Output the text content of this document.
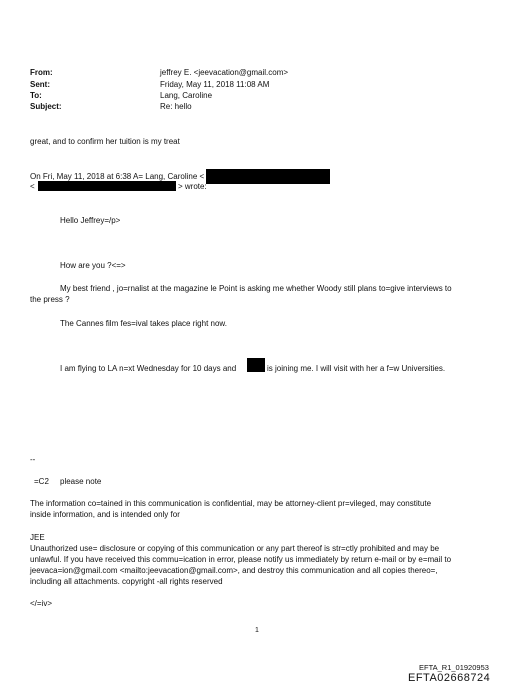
From:	jeffrey E. <jeevacation@gmail.com>
Sent:	Friday, May 11, 2018 11:08 AM
To:	Lang, Caroline
Subject:	Re: hello
great, and to confirm her tuition is my treat
On Fri, May 11, 2018 at 6:38 A= Lang, Caroline <
<	> wrote:
Hello Jeffrey=/p>
How are you ?<=>
My best friend , jo=rnalist at the magazine le Point is asking me whether Woody still plans to=give interviews to
the press ?
The Cannes film fes=ival takes place right now.
I am flying to LA n=xt Wednesday for 10 days and	is joining me. I will visit with her a f=w Universities.
--
=C2 please note
The information co=tained in this communication is confidential, may be attorney-client pr=vileged, may constitute
inside information, and is intended only for
JEE
Unauthorized use= disclosure or copying of this communication or any part thereof is str=ctly prohibited and may be
unlawful. If you have received this commu=ication in error, please notify us immediately by return e-mail or by e=mail to
jeevaca=ion@gmail.com <mailto:jeevacation@gmail.com>, and destroy this communication and all copies thereo=,
including all attachments. copyright -all rights reserved
</=iv>
1
EFTA_R1_01920953
EFTA02668724
